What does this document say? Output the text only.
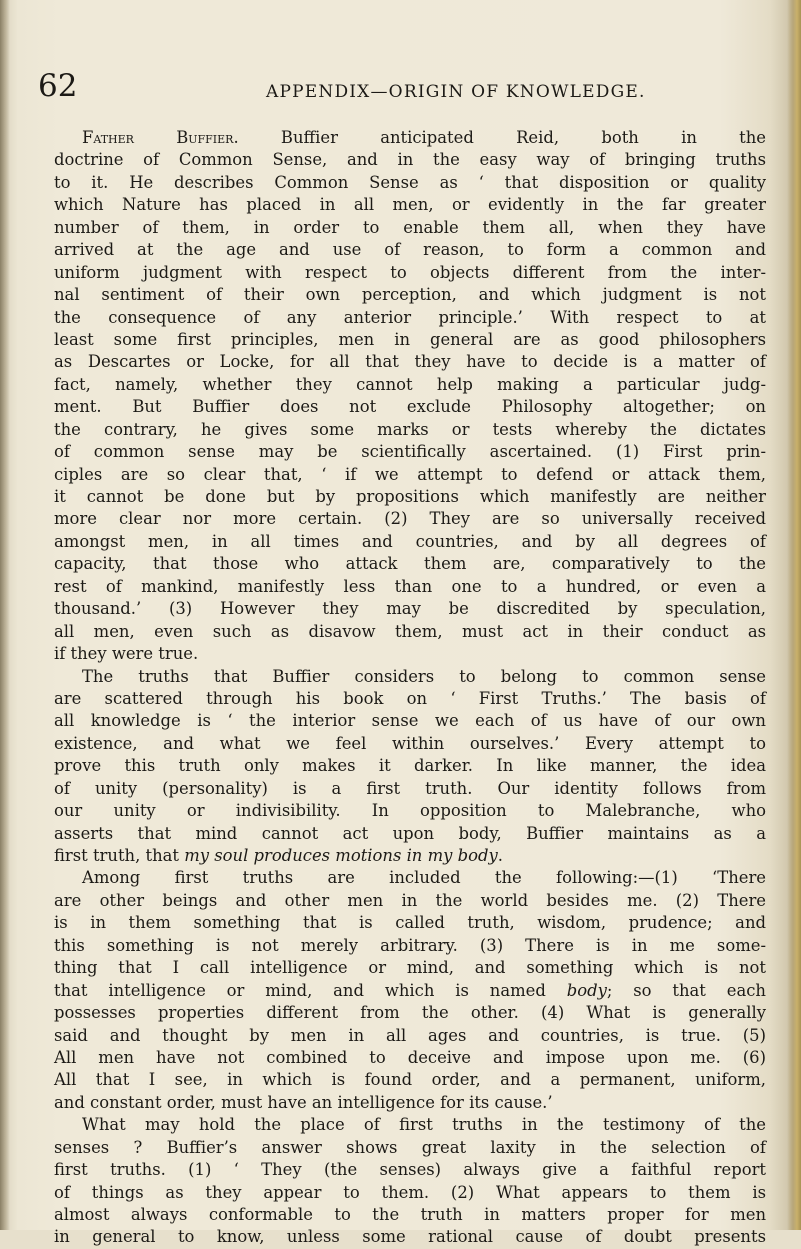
62	APPENDIX—ORIGIN OF KNOWLEDGE.
Father Buffier. Buffier anticipated Reid, both in the
doctrine of Common Sense, and in the easy way of bringing truths
to it. He describes Common Sense as ‘ that disposition or quality
which Nature has placed in all men, or evidently in the far greater
number of them, in order to enable them all, when they have
arrived at the age and use of reason, to form a common and
uniform judgment with respect to objects different from the inter-
nal sentiment of their own perception, and which judgment is not
the consequence of any anterior principle.’ With respect to at
least some first principles, men in general are as good philosophers
as Descartes or Locke, for all that they have to decide is a matter of
fact, namely, whether they cannot help making a particular judg-
ment. But Buffier does not exclude Philosophy altogether; on
the contrary, he gives some marks or tests whereby the dictates
of common sense may be scientifically ascertained. (1) First prin-
ciples are so clear that, ‘ if we attempt to defend or attack them,
it cannot be done but by propositions which manifestly are neither
more clear nor more certain. (2) They are so universally received
amongst men, in all times and countries, and by all degrees of
capacity, that those who attack them are, comparatively to the
rest of mankind, manifestly less than one to a hundred, or even a
thousand.’ (3) However they may be discredited by speculation,
all men, even such as disavow them, must act in their conduct as
if they were true.
The truths that Buffier considers to belong to common sense
are scattered through his book on ‘ First Truths.’ The basis of
all knowledge is ‘ the interior sense we each of us have of our own
existence, and what we feel within ourselves.’ Every attempt to
prove this truth only makes it darker. In like manner, the idea
of unity (personality) is a first truth. Our identity follows from
our unity or indivisibility. In opposition to Malebranche, who
asserts that mind cannot act upon body, Buffier maintains as a
first truth, that my soul produces motions in my body.
Among first truths are included the following:—(1) ‘There
are other beings and other men in the world besides me. (2) There
is in them something that is called truth, wisdom, prudence; and
this something is not merely arbitrary. (3) There is in me some-
thing that I call intelligence or mind, and something which is not
that intelligence or mind, and which is named body; so that each
possesses properties different from the other. (4) What is generally
said and thought by men in all ages and countries, is true. (5)
All men have not combined to deceive and impose upon me. (6)
All that I see, in which is found order, and a permanent, uniform,
and constant order, must have an intelligence for its cause.’
What may hold the place of first truths in the testimony of the
senses ? Buffier’s answer shows great laxity in the selection of
first truths. (1) ‘ They (the senses) always give a faithful report
of things as they appear to them. (2) What appears to them is
almost always conformable to the truth in matters proper for men
in general to know, unless some rational cause of doubt presents
